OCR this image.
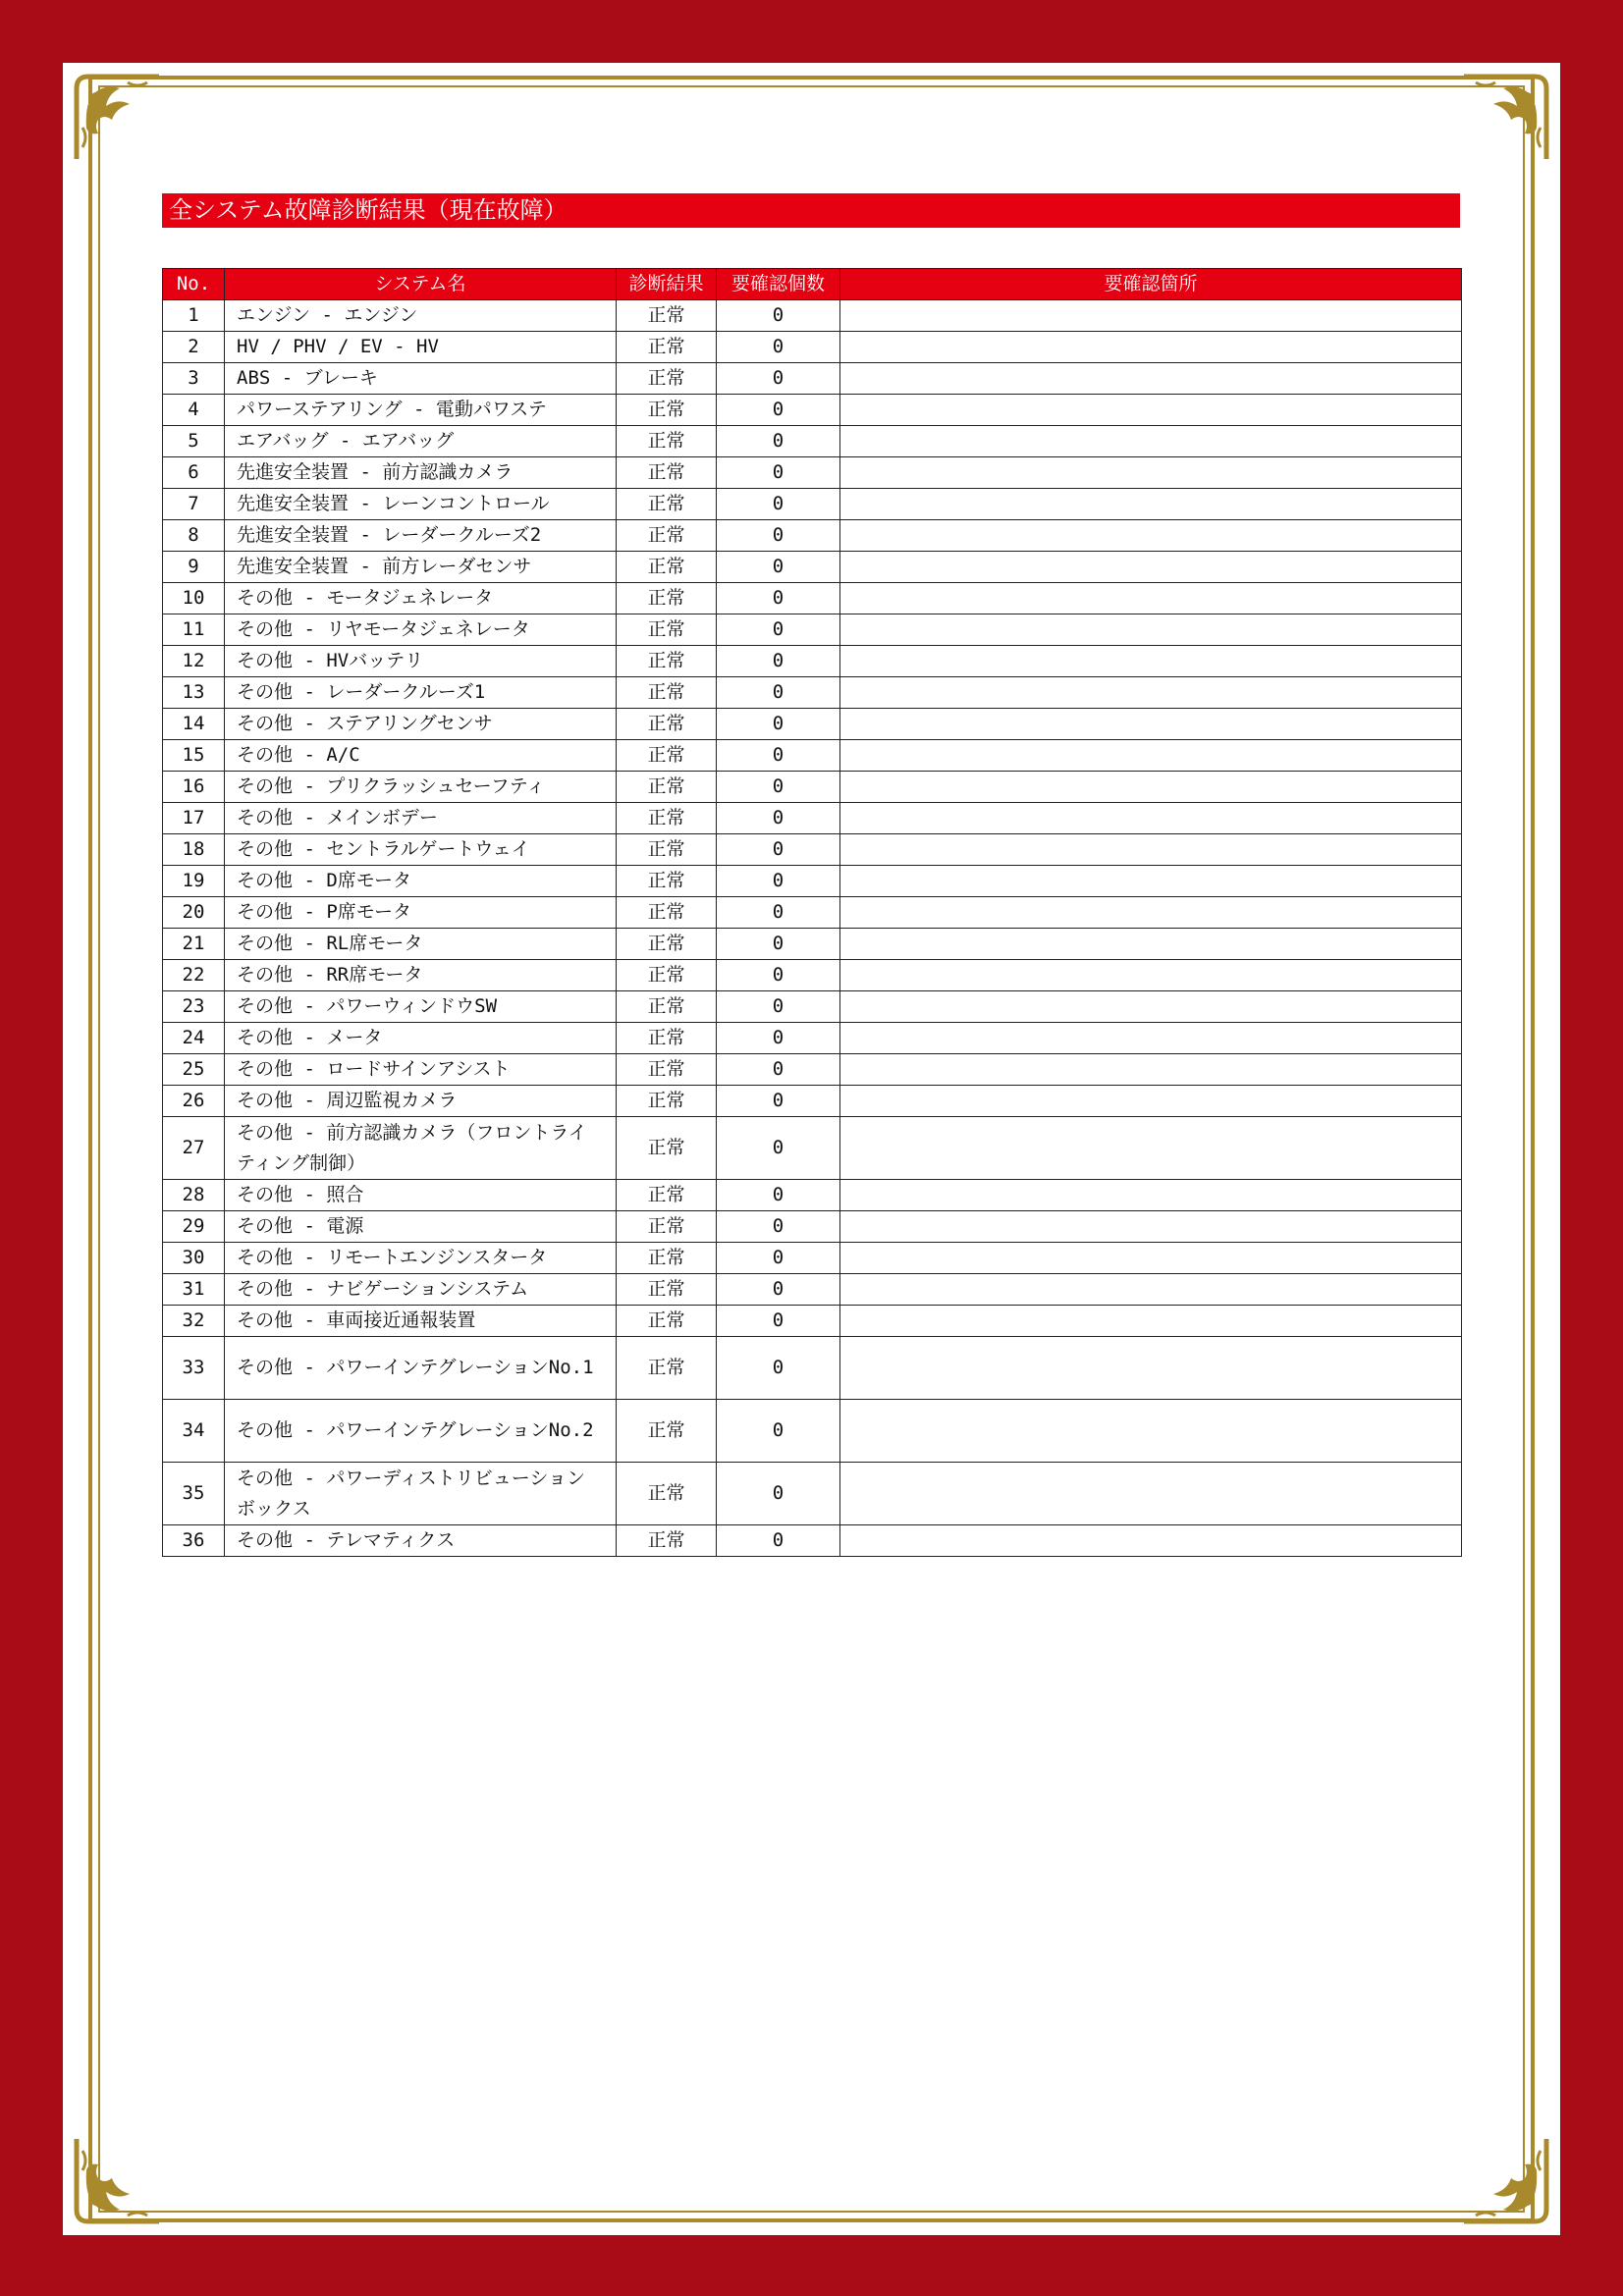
全システム故障診断結果（現在故障）
No.	システム名	診断結果	要確認個数	要確認箇所
1	エンジン - エンジン	正常	0	
2	HV / PHV / EV - HV	正常	0	
3	ABS - ブレーキ	正常	0	
4	パワーステアリング - 電動パワステ	正常	0	
5	エアバッグ - エアバッグ	正常	0	
6	先進安全装置 - 前方認識カメラ	正常	0	
7	先進安全装置 - レーンコントロール	正常	0	
8	先進安全装置 - レーダークルーズ2	正常	0	
9	先進安全装置 - 前方レーダセンサ	正常	0	
10	その他 - モータジェネレータ	正常	0	
11	その他 - リヤモータジェネレータ	正常	0	
12	その他 - HVバッテリ	正常	0	
13	その他 - レーダークルーズ1	正常	0	
14	その他 - ステアリングセンサ	正常	0	
15	その他 - A/C	正常	0	
16	その他 - プリクラッシュセーフティ	正常	0	
17	その他 - メインボデー	正常	0	
18	その他 - セントラルゲートウェイ	正常	0	
19	その他 - D席モータ	正常	0	
20	その他 - P席モータ	正常	0	
21	その他 - RL席モータ	正常	0	
22	その他 - RR席モータ	正常	0	
23	その他 - パワーウィンドウSW	正常	0	
24	その他 - メータ	正常	0	
25	その他 - ロードサインアシスト	正常	0	
26	その他 - 周辺監視カメラ	正常	0	
27	その他 - 前方認識カメラ（フロントライティング制御）	正常	0	
28	その他 - 照合	正常	0	
29	その他 - 電源	正常	0	
30	その他 - リモートエンジンスタータ	正常	0	
31	その他 - ナビゲーションシステム	正常	0	
32	その他 - 車両接近通報装置	正常	0	
33	その他 - パワーインテグレーションNo.1	正常	0	
34	その他 - パワーインテグレーションNo.2	正常	0	
35	その他 - パワーディストリビューションボックス	正常	0	
36	その他 - テレマティクス	正常	0	
